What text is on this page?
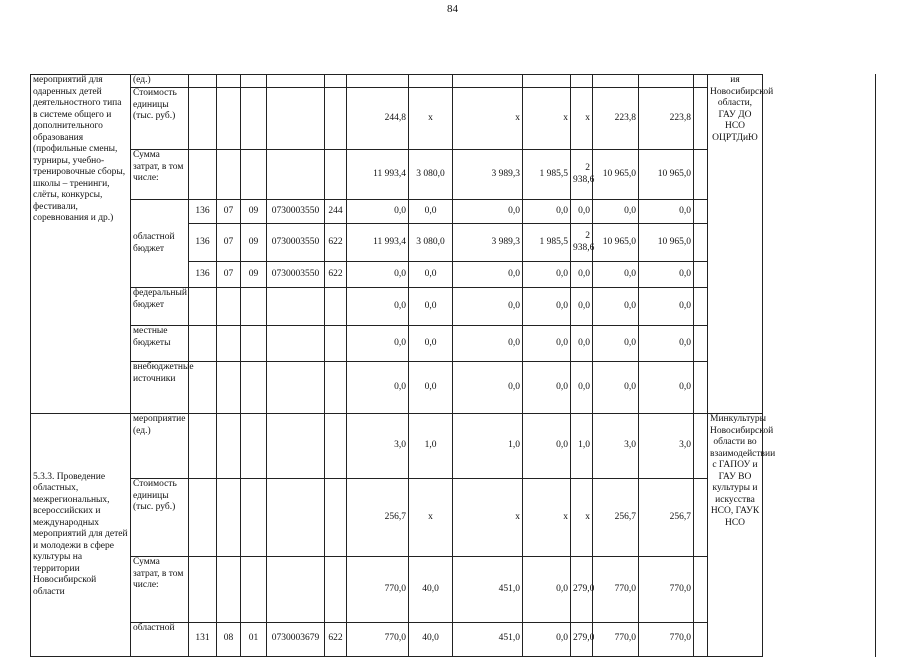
84
мероприятий для одаренных детей деятельностного типа в системе общего и дополнительного образования (профильные смены, турниры, учебно-тренировочные сборы, школы – тренинги, слёты, конкурсы, фестивали, соревнования и др.)	(ед.)														ия Новосибирской области, ГАУ ДО НСО ОЦРТДиЮ		
	Стоимость единицы (тыс. руб.)						244,8	x	x	x	x	223,8	223,8				
	Сумма затрат, в том числе:						11 993,4	3 080,0	3 989,3	1 985,5	2 938,6	10 965,0	10 965,0				
	областной бюджет	136	07	09	0730003550	244	0,0	0,0	0,0	0,0	0,0	0,0	0,0				
		136	07	09	0730003550	622	11 993,4	3 080,0	3 989,3	1 985,5	2 938,6	10 965,0	10 965,0				
		136	07	09	0730003550	622	0,0	0,0	0,0	0,0	0,0	0,0	0,0				
	федеральный бюджет						0,0	0,0	0,0	0,0	0,0	0,0	0,0				
	местные бюджеты						0,0	0,0	0,0	0,0	0,0	0,0	0,0				
	внебюджетные источники						0,0	0,0	0,0	0,0	0,0	0,0	0,0				
5.3.3. Проведение областных, межрегиональных, всероссийских и международных мероприятий для детей и молодежи в сфере культуры на территории Новосибирской области	мероприятие (ед.)						3,0	1,0	1,0	0,0	1,0	3,0	3,0		Минкультуры Новосибирской области во взаимодействии с ГАПОУ и ГАУ ВО культуры и искусства НСО, ГАУК НСО		
	Стоимость единицы (тыс. руб.)						256,7	x	x	x	x	256,7	256,7				
	Сумма затрат, в том числе:						770,0	40,0	451,0	0,0	279,0	770,0	770,0				
	областной	131	08	01	0730003679	622	770,0	40,0	451,0	0,0	279,0	770,0	770,0				
